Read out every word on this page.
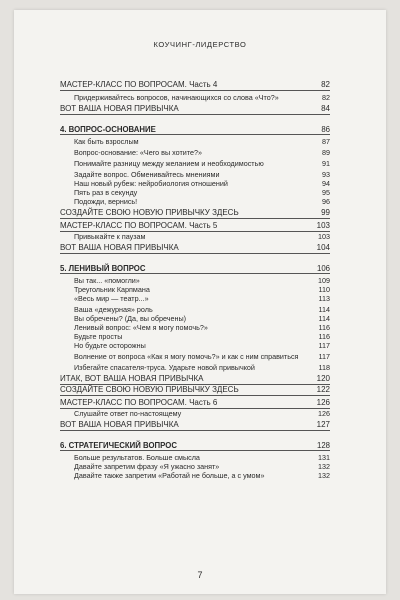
КОУЧИНГ-ЛИДЕРСТВО
МАСТЕР-КЛАСС ПО ВОПРОСАМ. Часть 4	82
Придерживайтесь вопросов, начинающихся со слова «Что?»	82
ВОТ ВАША НОВАЯ ПРИВЫЧКА	84
4. ВОПРОС-ОСНОВАНИЕ	86
Как быть взрослым	87
Вопрос-основание: «Чего вы хотите?»	89
Понимайте разницу между желанием и необходимостью	91
Задайте вопрос. Обменивайтесь мнениями	93
Наш новый рубеж: нейробиология отношений	94
Пять раз в секунду	95
Подожди, вернись!	96
СОЗДАЙТЕ СВОЮ НОВУЮ ПРИВЫЧКУ ЗДЕСЬ	99
МАСТЕР-КЛАСС ПО ВОПРОСАМ. Часть 5	103
Привыкайте к паузам	103
ВОТ ВАША НОВАЯ ПРИВЫЧКА	104
5. ЛЕНИВЫЙ ВОПРОС	106
Вы так... «помогли»	109
Треугольник Карпмана	110
«Весь мир — театр...»	113
Ваша «дежурная» роль	114
Вы обречены? (Да, вы обречены)	114
Ленивый вопрос: «Чем я могу помочь?»	116
Будьте просты	116
Но будьте осторожны	117
Волнение от вопроса «Как я могу помочь?» и как с ним справиться	117
Избегайте спасателя-труса. Ударьте новой привычкой	118
ИТАК, ВОТ ВАША НОВАЯ ПРИВЫЧКА	120
СОЗДАЙТЕ СВОЮ НОВУЮ ПРИВЫЧКУ ЗДЕСЬ	122
МАСТЕР-КЛАСС ПО ВОПРОСАМ. Часть 6	126
Слушайте ответ по-настоящему	126
ВОТ ВАША НОВАЯ ПРИВЫЧКА	127
6. СТРАТЕГИЧЕСКИЙ ВОПРОС	128
Больше результатов. Больше смысла	131
Давайте запретим фразу «Я ужасно занят»	132
Давайте также запретим «Работай не больше, а с умом»	132
7
